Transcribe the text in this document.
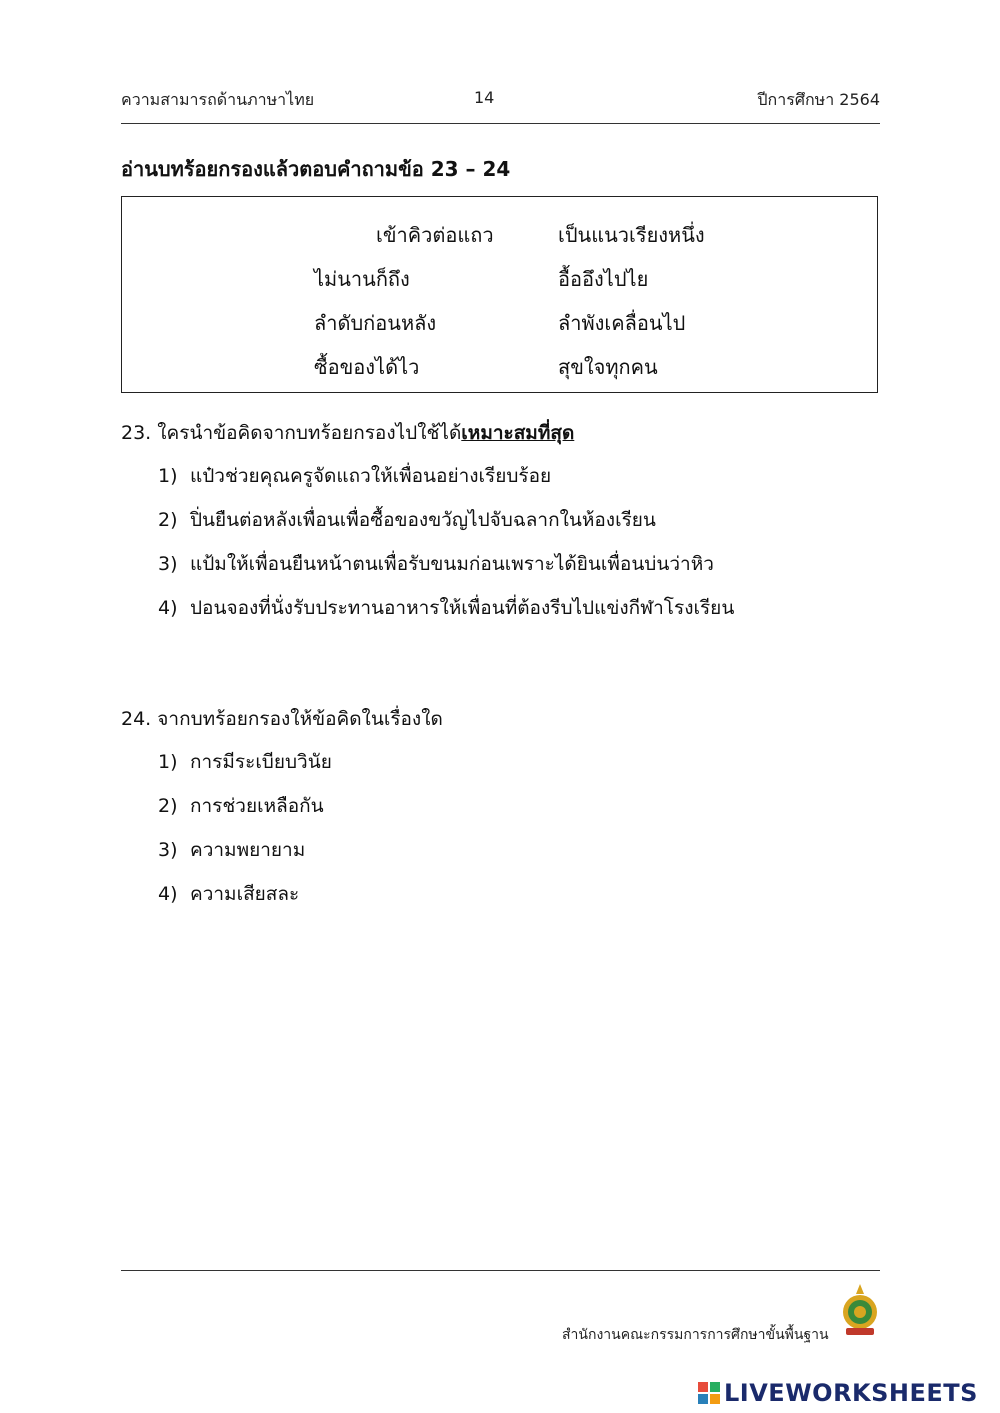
ความสามารถด้านภาษาไทย	14	ปีการศึกษา 2564
อ่านบทร้อยกรองแล้วตอบคำถามข้อ 23 – 24
เข้าคิวต่อแถว	เป็นแนวเรียงหนึ่ง
ไม่นานก็ถึง	อื้ออึงไปไย
ลำดับก่อนหลัง	ลำพังเคลื่อนไป
ซื้อของได้ไว	สุขใจทุกคน
23. ใครนำข้อคิดจากบทร้อยกรองไปใช้ได้เหมาะสมที่สุด
1) แป๋วช่วยคุณครูจัดแถวให้เพื่อนอย่างเรียบร้อย
2) ปิ่นยืนต่อหลังเพื่อนเพื่อซื้อของขวัญไปจับฉลากในห้องเรียน
3) แป้มให้เพื่อนยืนหน้าตนเพื่อรับขนมก่อนเพราะได้ยินเพื่อนบ่นว่าหิว
4) ปอนจองที่นั่งรับประทานอาหารให้เพื่อนที่ต้องรีบไปแข่งกีฬาโรงเรียน
24. จากบทร้อยกรองให้ข้อคิดในเรื่องใด
1) การมีระเบียบวินัย
2) การช่วยเหลือกัน
3) ความพยายาม
4) ความเสียสละ
สำนักงานคณะกรรมการการศึกษาขั้นพื้นฐาน
LIVEWORKSHEETS
